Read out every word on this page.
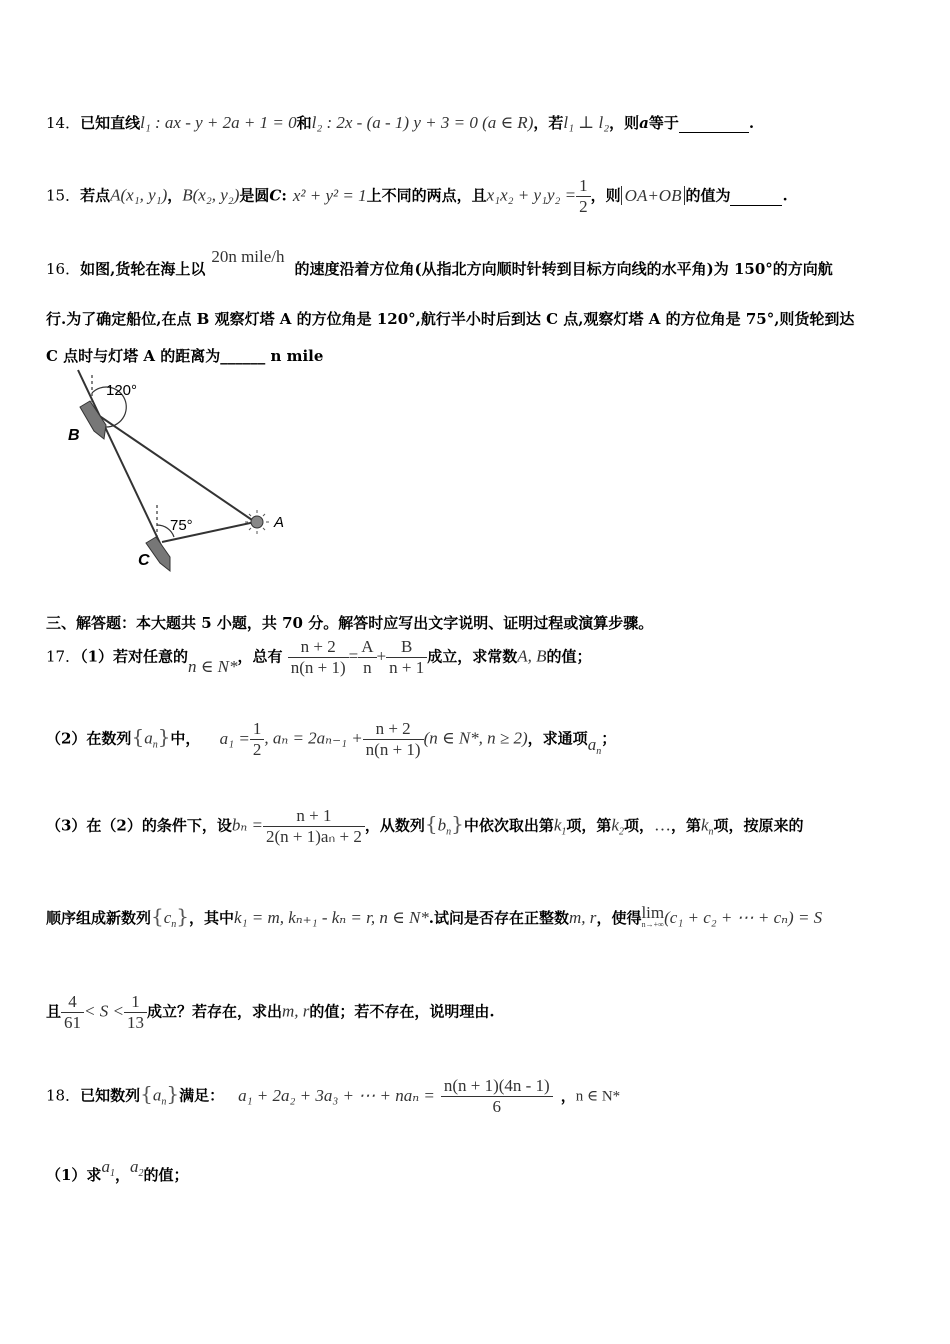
14．已知直线l₁ : ax - y + 2a + 1 = 0和l₂ : 2x - (a - 1) y + 3 = 0 (a ∈ R)，若l₁ ⊥ l₂，则a等于	.
15．若点A(x₁, y₁)，B(x₂, y₂)是圆C: x² + y² = 1上不同的两点，且$x_1x_2 + y_1y_2 = \frac{1}{2}$ ，则 OA+OB 的值为	.
16．如图,货轮在海上以20n mile/h的速度沿着方位角(从指北方向顺时针转到目标方向线的水平角)为 150°的方向航
行.为了确定船位,在点 B 观察灯塔 A 的方位角是 120°,航行半小时后到达 C 点,观察灯塔 A 的方位角是 75°,则货轮到达
C 点时与灯塔 A 的距离为______ n mile
B
C
A
120°
75°
三、解答题：本大题共 5 小题，共 70 分。解答时应写出文字说明、证明过程或演算步骤。
17．（1）若对任意的n ∈ N*，总有 $\frac{n + 2}{n(n + 1)} = \frac{A}{n} + \frac{B}{n + 1}$ 成立，求常数A, B的值；
（2）在数列$\{a_n\}$中， $a_1 = \frac{1}{2}$ , $a_n = 2a_{n-1} + \frac{n + 2}{n(n + 1)} (n$ ∈ N*, n ≥ 2)，求通项$a_n$；
（3）在（2）的条件下，设$b_n = \frac{n + 1}{\text{2(n + 1)aₙ + 2}}$ ，从数列$\{b_n\}$中依次取出第$k_1$项，第$k_2$项，…，第$k_n$项，按原来的
顺序组成新数列$\{c_n\}$，其中k₁ = m, kₙ₊₁ - kₙ = r, n ∈ N*.试问是否存在正整数m, r，使得 lim
n→+∞ (c₁ + c₂ + ⋯ + cₙ) = S
且 $\frac{4}{61} < S < \frac{1}{13}$ 成立？若存在，求出m, r的值；若不存在，说明理由.
18．已知数列$\{a_n\}$满足： a₁ + 2a₂ + 3a₃ + ⋯ + $na_n = \frac{n(n + 1)(4n - 1)}{6}$ ，n ∈ N*
（1）求$a^1$，$a^2$的值；
